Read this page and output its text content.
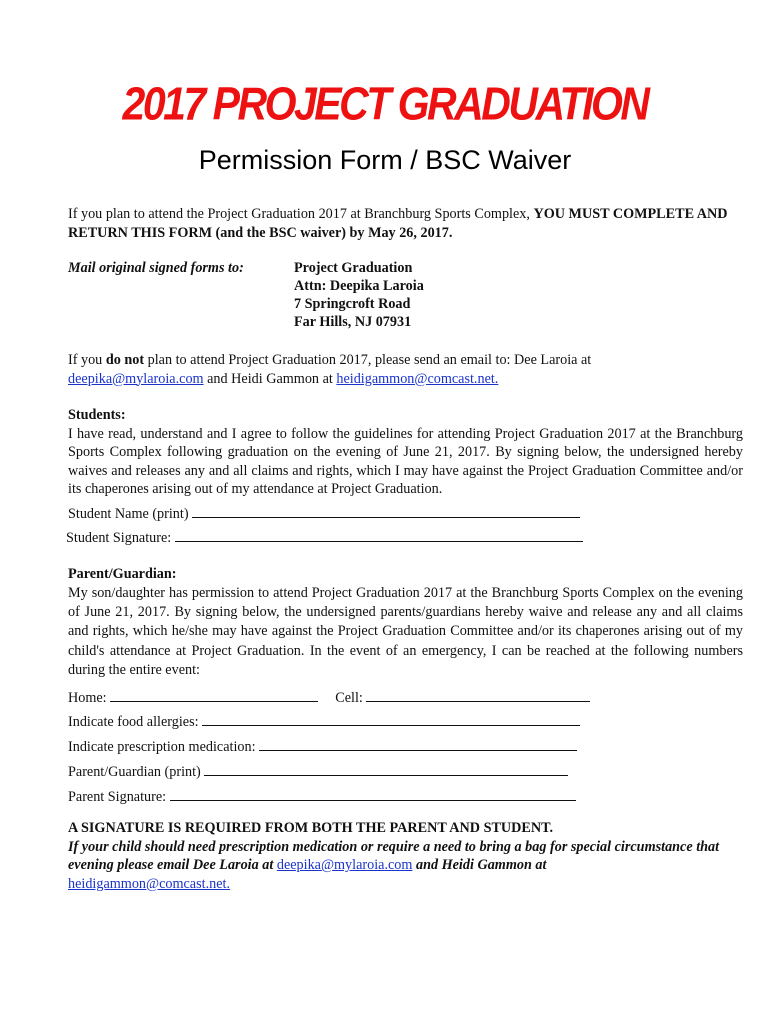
2017 PROJECT GRADUATION
Permission Form / BSC Waiver
If you plan to attend the Project Graduation 2017 at Branchburg Sports Complex, YOU MUST COMPLETE AND RETURN THIS FORM (and the BSC waiver) by May 26, 2017.
Mail original signed forms to:	Project Graduation
Attn: Deepika Laroia
7 Springcroft Road
Far Hills, NJ 07931
If you do not plan to attend Project Graduation 2017, please send an email to: Dee Laroia at
deepika@mylaroia.com and Heidi Gammon at heidigammon@comcast.net.
Students:
I have read, understand and I agree to follow the guidelines for attending Project Graduation 2017 at the Branchburg Sports Complex following graduation on the evening of June 21, 2017. By signing below, the undersigned hereby waives and releases any and all claims and rights, which I may have against the Project Graduation Committee and/or its chaperones arising out of my attendance at Project Graduation.
Student Name (print)
Student Signature:
Parent/Guardian:
My son/daughter has permission to attend Project Graduation 2017 at the Branchburg Sports Complex on the evening of June 21, 2017. By signing below, the undersigned parents/guardians hereby waive and release any and all claims and rights, which he/she may have against the Project Graduation Committee and/or its chaperones arising out of my child's attendance at Project Graduation. In the event of an emergency, I can be reached at the following numbers during the entire event:
Home:	Cell:
Indicate food allergies:
Indicate prescription medication:
Parent/Guardian (print)
Parent Signature:
A SIGNATURE IS REQUIRED FROM BOTH THE PARENT AND STUDENT.
If your child should need prescription medication or require a need to bring a bag for special circumstance that evening please email Dee Laroia at deepika@mylaroia.com and Heidi Gammon at
heidigammon@comcast.net.
